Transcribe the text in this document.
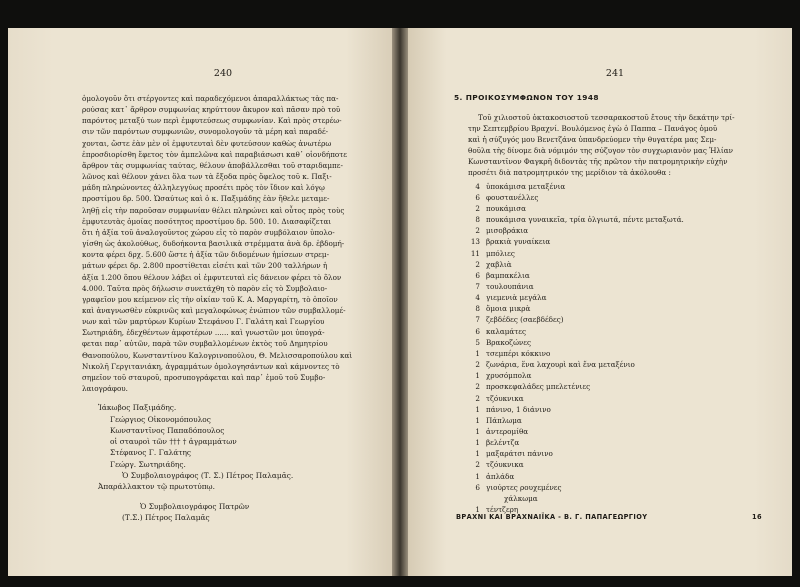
240
ὁμολογοῦν ὅτι στέργοντες καὶ παραδεχόμενοι ἀπαραλλάκτως τὰς πα-
ρούσας κατ᾽ ἄρθρον συμφωνίας κηρύττουν ἄκυρον καὶ πᾶσαν πρὸ τοῦ
παρόντος μεταξύ των περὶ ἐμφυτεύσεως συμφωνίαν. Καὶ πρὸς στερέω-
σιν τῶν παρόντων συμφωνιῶν, συνομολογοῦν τὰ μέρη καὶ παραδέ-
χονται, ὥστε ἐὰν μὲν οἱ ἐμφυτευταὶ δὲν φυτεύσουν καθὼς ἀνωτέρω
ἐπροσδιορίσθη ἔφετος τὸν ἀμπελῶνα καὶ παραβιάσωσι καθ᾽ οἱονδήποτε
ἄρθρον τὰς συμφωνίας ταύτας, θέλουν ἀποβάλλεσθαι τοῦ σταριδαμπε-
λῶνος καὶ θέλουν χάνει ὅλα των τὰ ἔξοδα πρὸς ὄφελος τοῦ κ. Παξι-
μάδη πληρώνοντες ἀλληλεγγύως προσέτι πρὸς τὸν ἴδιον καὶ λόγῳ
προστίμου δρ. 500. Ὡσαύτως καὶ ὁ κ. Παξιμάδης ἐὰν ἤθελε μεταμε-
ληθῇ εἰς τὴν παροῦσαν συμφωνίαν θέλει πληρώνει καὶ οὗτος πρὸς τοὺς
ἐμφυτευτὰς ὁμοίας ποσότητος προστίμου δρ. 500. 10. Διασαφίζεται
ὅτι ἡ ἀξία τοῦ ἀναλογοῦντος χώρου εἰς τὸ παρὸν συμβόλαιον ὑπολο-
γίσθη ὡς ἀκολούθως, δυδοήκοντα βασιλικὰ στρέμματα ἀνὰ δρ. ἑβδομή-
κοντα φέρει δρχ. 5.600 ὥστε ἡ ἀξία τῶν διδομένων ἡμίσεων στρεμ-
μάτων φέρει δρ. 2.800 προστίθεται εἰσέτι καὶ τῶν 200 ταλλήρων ἡ
ἀξία 1.200 ὅπου θέλουν λάβει οἱ ἐμφυτευταὶ εἰς δάνειον φέρει τὸ ὅλον
4.000. Ταῦτα πρὸς δήλωσιν συνετάχθη τὸ παρὸν εἰς τὸ Συμβολαιο-
γραφεῖον μου κείμενον εἰς τὴν οἰκίαν τοῦ Κ. Α. Μαργαρίτη, τὸ ὁποῖον
καὶ ἀναγνωσθὲν εὐκρινῶς καὶ μεγαλοφώνως ἐνώπιον τῶν συμβαλλομέ-
νων καὶ τῶν μαρτύρων Κυρίων Στεφάνου Γ. Γαλάτη καὶ Γεωργίου
Σωτηριάδη, ἐδεχθέντων ἀμφοτέρων ...... καὶ γνωστῶν μοι ὑπογρά-
φεται παρ᾽ αὐτῶν, παρὰ τῶν συμβαλλομένων ἐκτὸς τοῦ Δημητρίου
Θανοπούλου, Κωνσταντίνου Καλογρινοπούλου, Θ. Μελισσαροπούλου καὶ
Νικολῆ Γεργιτανιάκη, ἀγραμμάτων ὁμολογησάντων καὶ κάμνοντες τὸ
σημεῖον τοῦ σταυροῦ, προσυπογράφεται καὶ παρ᾽ ἐμοῦ τοῦ Συμβο-
λαιογράφου.
Ἰάκωβος Παξιμάδης.
Γεώργιος Οἰκονομόπουλος
Κωνσταντῖνος Παπαδόπουλος
οἱ σταυροὶ τῶν ††† † ἀγραμμάτων
Στέφανος Γ. Γαλάτης
Γεώργ. Σωτηριάδης.
Ὁ Συμβολαιογράφος (Τ. Σ.) Πέτρος Παλαμᾶς.
Ἀπαράλλακτον τῷ πρωτοτύπῳ.
Ὁ Συμβολαιογράφος Πατρῶν
(Τ.Σ.) Πέτρος Παλαμᾶς
241
5. ΠΡΟΙΚΟΣΥΜΦΩΝΟΝ ΤΟΥ 1948
Τοῦ χιλιοστοῦ ὀκτακοσιοστοῦ τεσσαρακοστοῦ ἔτους τὴν δεκάτην τρί-
την Σεπτεμβρίου Βραχνί. Βουλόμενος ἐγὼ ὁ Παππα – Πανάγος ὁμοῦ
καὶ ἡ σύζυγός μου Βενετζάνα ὑπανδρεύομεν τὴν θυγατέρα μας Σεμ-
θοῦλα τὴς δίνομε διὰ νόμιμόν της σύζυγον τὸν συγχωριανὸν μας Ἠλίαν
Κωνσταντῖνον Φαγκρῆ διδοντὰς τῆς πρῶτον τὴν πατρομητρικὴν εὐχὴν
προσέτι διὰ πατρομητρικόν της μερίδιον τὰ ἀκόλουθα :
4 ὑποκάμισα μεταξένια
6 φουστανέλλες
2 πουκάμισα
8 πουκάμισα γυναικεῖα, τρία ὁλγιωτά, πέντε μεταξωτά.
2 μισοβράκια
13 βρακιὰ γυναίκεια
11 μπόλιες
2 χαβλιὰ
6 βαμπακέλια
7 τουλουπάνια
4 γιεμενιὰ μεγάλα
8 ὅμοια μικρὰ
7 ζεβδέδες (σαεβδέδες)
6 καλαμάτες
5 Βρακοζώνες
1 τσεμπέρι κόκκινο
2 ζωνάρια, ἕνα λαχουρὶ καὶ ἕνα μεταξένιο
1 χρυσόμπολα
2 προσκεφαλάδες μπελετένιες
2 τζόυκνικα
1 πάνινο, 1 διάνινο
1 Πάπλωμα
1 ἀντερομίθα
1 βελέντζα
1 μαξαράτσι πάνινο
2 τζόυκνικα
1 ἀπλάδα
6 γιούρτες ρουχεμένες
χάλκωμα
1 τέντζερη
ΒΡΑΧΝΙ ΚΑΙ ΒΡΑΧΝΑΙΪΚΑ - Β. Γ. ΠΑΠΑΓΕΩΡΓΙΟΥ	16
